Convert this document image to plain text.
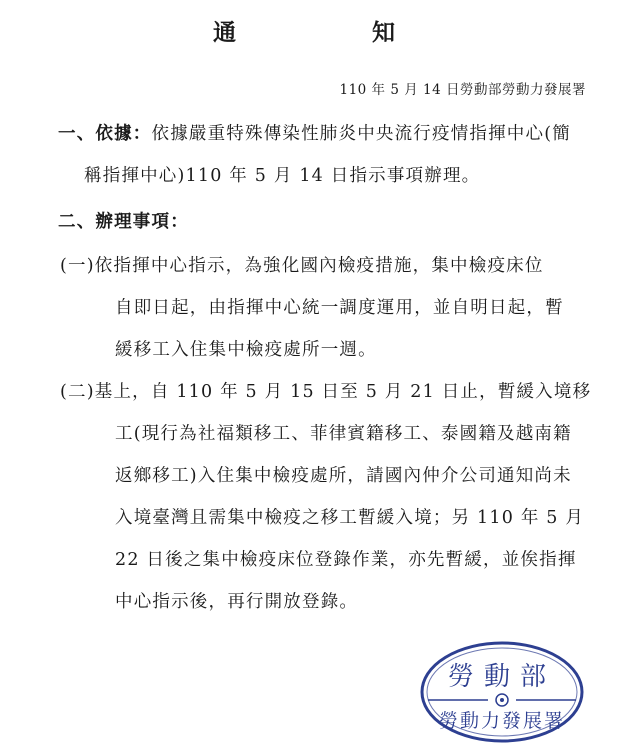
通	知
110 年 5 月 14 日勞動部勞動力發展署
一、依據：依據嚴重特殊傳染性肺炎中央流行疫情指揮中心(簡
稱指揮中心)110 年 5 月 14 日指示事項辦理。
二、辦理事項：
(一)依指揮中心指示，為強化國內檢疫措施，集中檢疫床位
自即日起，由指揮中心統一調度運用，並自明日起，暫
緩移工入住集中檢疫處所一週。
(二)基上，自 110 年 5 月 15 日至 5 月 21 日止，暫緩入境移
工(現行為社福類移工、菲律賓籍移工、泰國籍及越南籍
返鄉移工)入住集中檢疫處所，請國內仲介公司通知尚未
入境臺灣且需集中檢疫之移工暫緩入境；另 110 年 5 月
22 日後之集中檢疫床位登錄作業，亦先暫緩，並俟指揮
中心指示後，再行開放登錄。
勞動部
勞動力發展署
